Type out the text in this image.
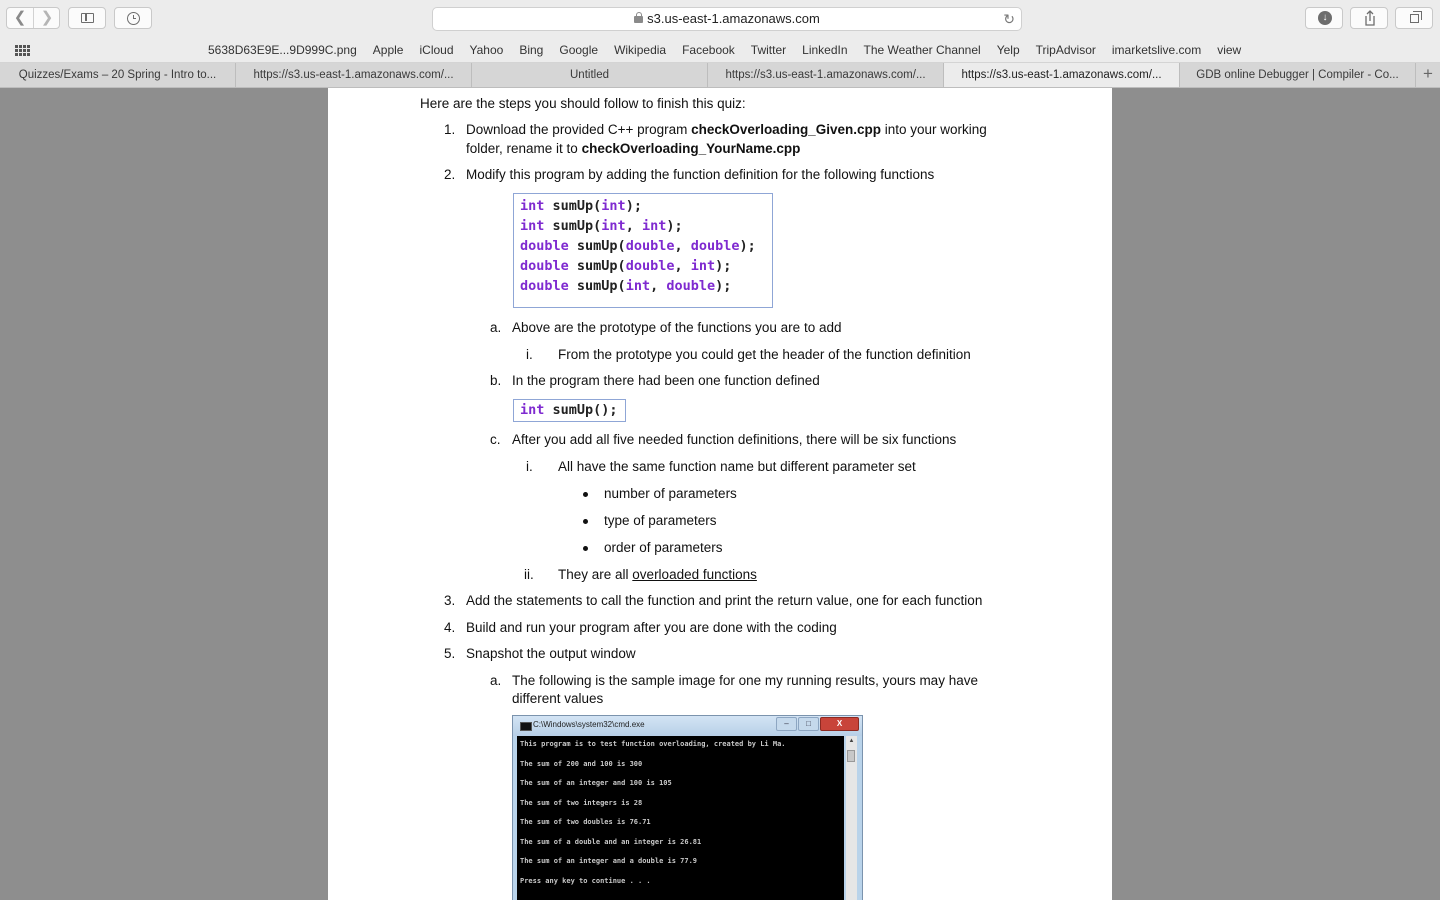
❮ ❯	s3.us-east-1.amazonaws.com	↻	↓
5638D63E9E...9D999C.png Apple iCloud Yahoo Bing Google Wikipedia Facebook Twitter LinkedIn The Weather Channel Yelp TripAdvisor imarketslive.com view
Quizzes/Exams – 20 Spring - Intro to...	https://s3.us-east-1.amazonaws.com/...	Untitled	https://s3.us-east-1.amazonaws.com/...	https://s3.us-east-1.amazonaws.com/...	GDB online Debugger | Compiler - Co...	+
Here are the steps you should follow to finish this quiz:
1. Download the provided C++ program checkOverloading_Given.cpp into your working
folder, rename it to checkOverloading_YourName.cpp
2. Modify this program by adding the function definition for the following functions
int sumUp(int);
int sumUp(int, int);
double sumUp(double, double);
double sumUp(double, int);
double sumUp(int, double);
a. Above are the prototype of the functions you are to add
i. From the prototype you could get the header of the function definition
b. In the program there had been one function defined
int sumUp();
c. After you add all five needed function definitions, there will be six functions
i. All have the same function name but different parameter set
number of parameters
type of parameters
order of parameters
ii. They are all overloaded functions
3. Add the statements to call the function and print the return value, one for each function
4. Build and run your program after you are done with the coding
5. Snapshot the output window
a. The following is the sample image for one my running results, yours may have
different values
C:\Windows\system32\cmd.exe	–	□	X
This program is to test function overloading, created by Li Ma.
The sum of 200 and 100 is 300
The sum of an integer and 100 is 105
The sum of two integers is 28
The sum of two doubles is 76.71
The sum of a double and an integer is 26.81
The sum of an integer and a double is 77.9
Press any key to continue . . .
▲
